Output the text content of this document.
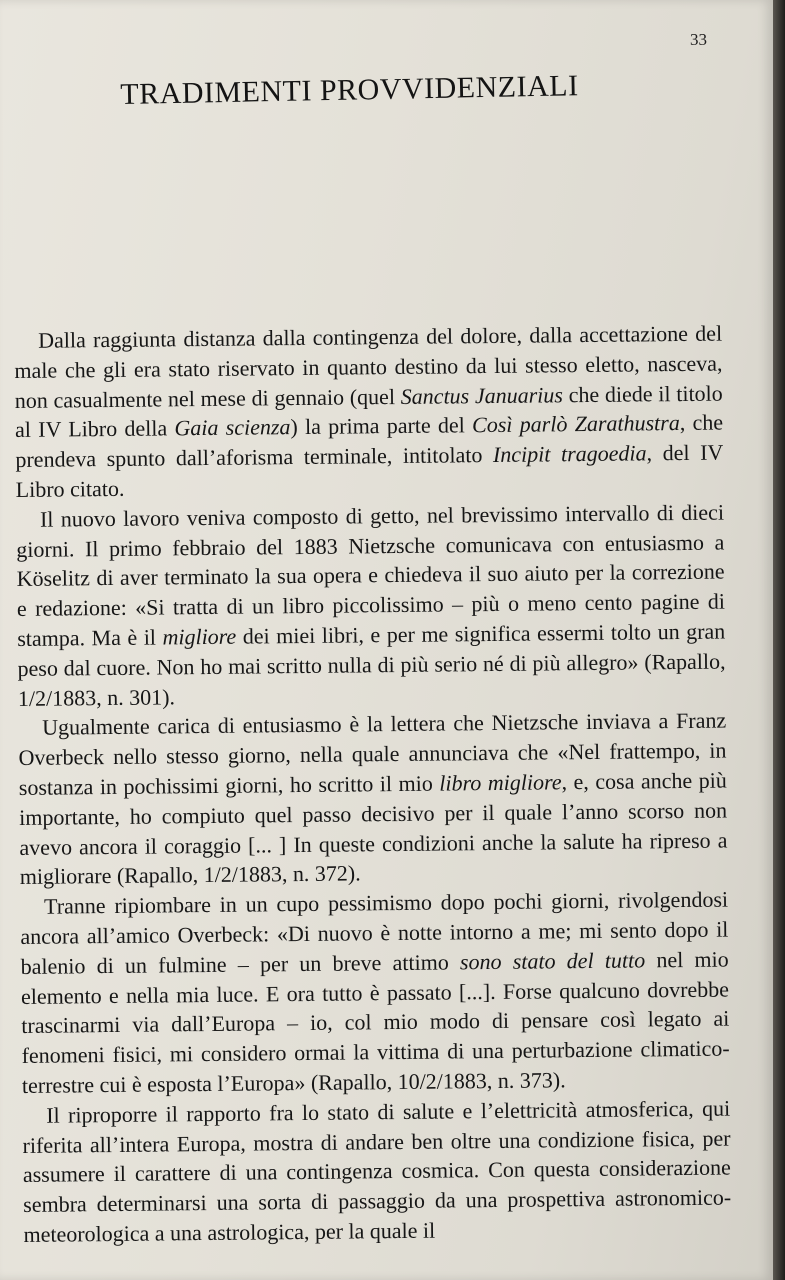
33
TRADIMENTI PROVVIDENZIALI

Dalla raggiunta distanza dalla contingenza del dolore, dalla accettazione del male che gli era stato riservato in quanto destino da lui stesso eletto, nasceva, non casualmente nel mese di gennaio (quel Sanctus Januarius che diede il titolo al IV Libro della Gaia scienza) la prima parte del Così parlò Zarathustra, che prendeva spunto dall’aforisma terminale, intitolato Incipit tragoedia, del IV Libro citato.

Il nuovo lavoro veniva composto di getto, nel brevissimo intervallo di dieci giorni. Il primo febbraio del 1883 Nietzsche comunicava con entusiasmo a Köselitz di aver terminato la sua opera e chiedeva il suo aiuto per la correzione e redazione: «Si tratta di un libro piccolissimo – più o meno cento pagine di stampa. Ma è il migliore dei miei libri, e per me significa essermi tolto un gran peso dal cuore. Non ho mai scritto nulla di più serio né di più allegro» (Rapallo, 1/2/1883, n. 301).

Ugualmente carica di entusiasmo è la lettera che Nietzsche inviava a Franz Overbeck nello stesso giorno, nella quale annunciava che «Nel frattempo, in sostanza in pochissimi giorni, ho scritto il mio libro migliore, e, cosa anche più importante, ho compiuto quel passo decisivo per il quale l’anno scorso non avevo ancora il coraggio [... ] In queste condizioni anche la salute ha ripreso a migliorare (Rapallo, 1/2/1883, n. 372).

Tranne ripiombare in un cupo pessimismo dopo pochi giorni, rivolgendosi ancora all’amico Overbeck: «Di nuovo è notte intorno a me; mi sento dopo il balenio di un fulmine – per un breve attimo sono stato del tutto nel mio elemento e nella mia luce. E ora tutto è passato [...]. Forse qualcuno dovrebbe trascinarmi via dall’Europa – io, col mio modo di pensare così legato ai fenomeni fisici, mi considero ormai la vittima di una perturbazione climatico-terrestre cui è esposta l’Europa» (Rapallo, 10/2/1883, n. 373).

Il riproporre il rapporto fra lo stato di salute e l’elettricità atmosferica, qui riferita all’intera Europa, mostra di andare ben oltre una condizione fisica, per assumere il carattere di una contingenza cosmica. Con questa considerazione sembra determinarsi una sorta di passaggio da una prospettiva astronomico-meteorologica a una astrologica, per la quale il
